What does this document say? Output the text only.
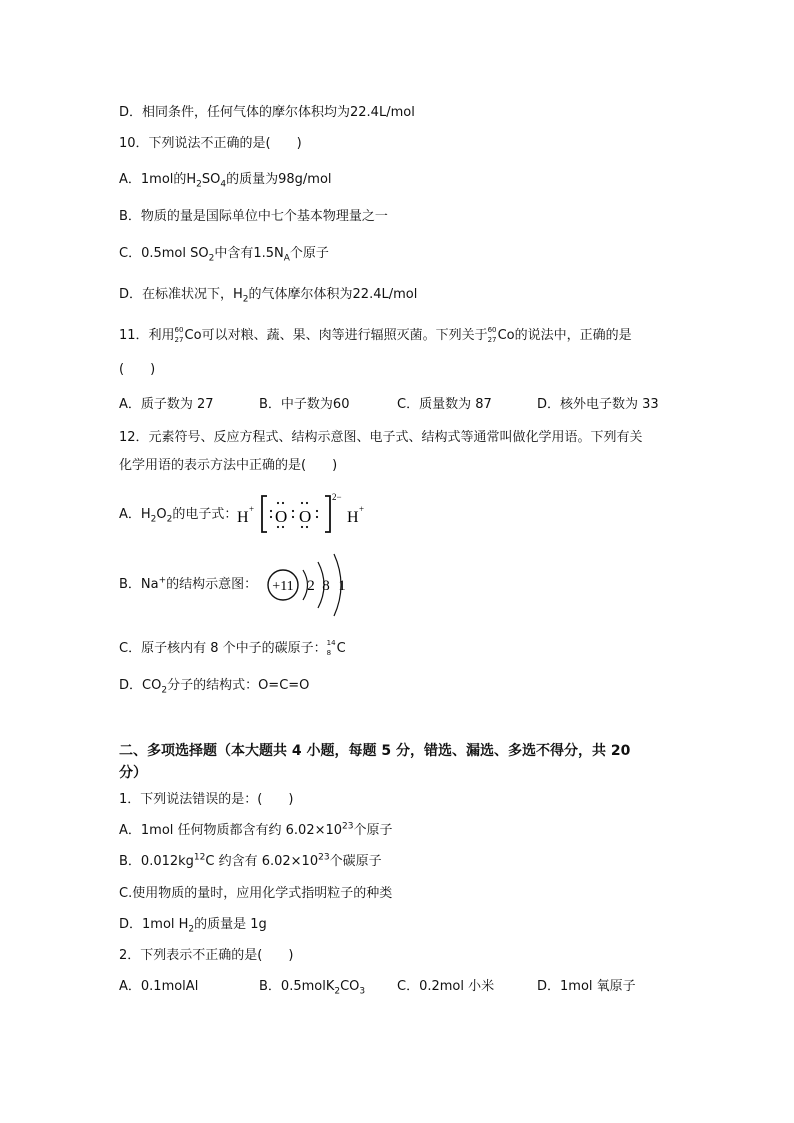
D．相同条件，任何气体的摩尔体积均为22.4L/mol
10．下列说法不正确的是(　　)
A．1mol的$H_2SO_4$的质量为98g/mol
B．物质的量是国际单位中七个基本物理量之一
C．0.5mol $SO_2$中含有$1.5N_A$个原子
D．在标准状况下，$H_2$的气体摩尔体积为22.4L/mol
11．利用 60
27 Co可以对粮、蔬、果、肉等进行辐照灭菌。下列关于 60
27 Co的说法中，正确的是
(　　)
A．质子数为 27	B．中子数为60	C．质量数为 87	D．核外电子数为 33
12．元素符号、反应方程式、结构示意图、电子式、结构式等通常叫做化学用语。下列有关
化学用语的表示方法中正确的是(　　)
A．$H_2O_2$的电子式： H + O O
2−
H +
B．Na+的结构示意图： +11 2 8 1
C．原子核内有 8 个中子的碳原子： 14
8 C
D．$CO_2$分子的结构式：O=C=O
二、多项选择题（本大题共 4 小题，每题 5 分，错选、漏选、多选不得分，共 20
分）
1．下列说法错误的是：(　　)
A．1mol 任何物质都含有约 $6.02\times 10^{23}$个原子
B．$0.012kg^{12}C$ 约含有 $6.02\times 10^{23}$个碳原子
C.使用物质的量时，应用化学式指明粒子的种类
D．1mol $H_2$的质量是 1g
2．下列表示不正确的是(　　)
A．0.1molAl	B．$0.5molK_2CO_3$ C．0.2mol 小米	D．1mol 氧原子
